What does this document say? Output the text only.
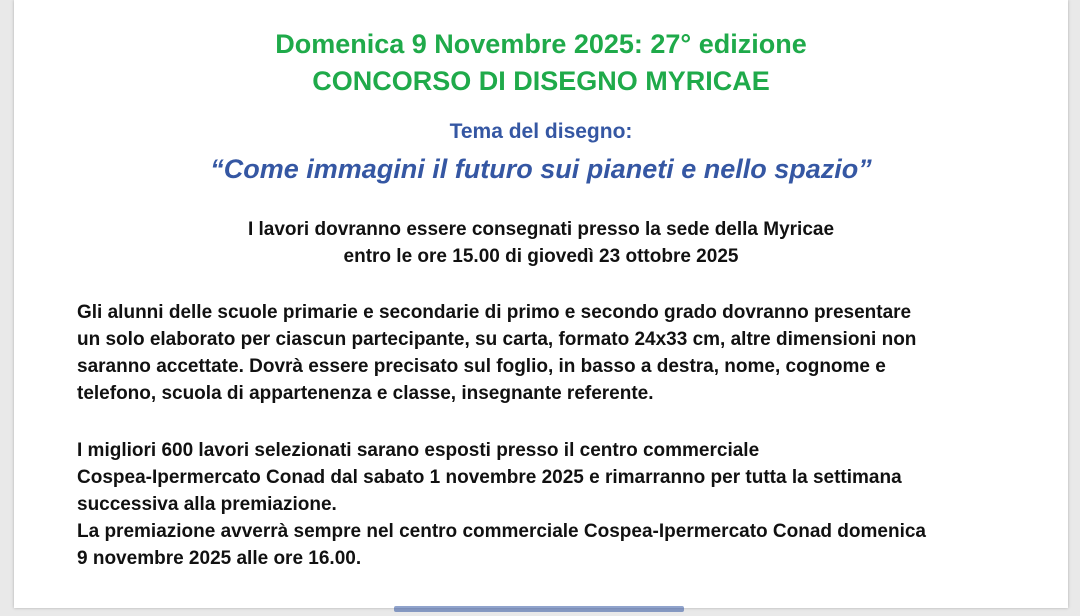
Domenica 9 Novembre 2025: 27° edizione
CONCORSO DI DISEGNO MYRICAE
Tema del disegno:
“Come immagini il futuro sui pianeti e nello spazio”
I lavori dovranno essere consegnati presso la sede della Myricae
entro le ore 15.00 di giovedì 23 ottobre 2025
Gli alunni delle scuole primarie e secondarie di primo e secondo grado dovranno presentare
un solo elaborato per ciascun partecipante, su carta, formato 24x33 cm, altre dimensioni non
saranno accettate. Dovrà essere precisato sul foglio, in basso a destra, nome, cognome e
telefono, scuola di appartenenza e classe, insegnante referente.
I migliori 600 lavori selezionati sarano esposti presso il centro commerciale
Cospea-Ipermercato Conad dal sabato 1 novembre 2025 e rimarranno per tutta la settimana
successiva alla premiazione.
La premiazione avverrà sempre nel centro commerciale Cospea-Ipermercato Conad domenica
9 novembre 2025 alle ore 16.00.
